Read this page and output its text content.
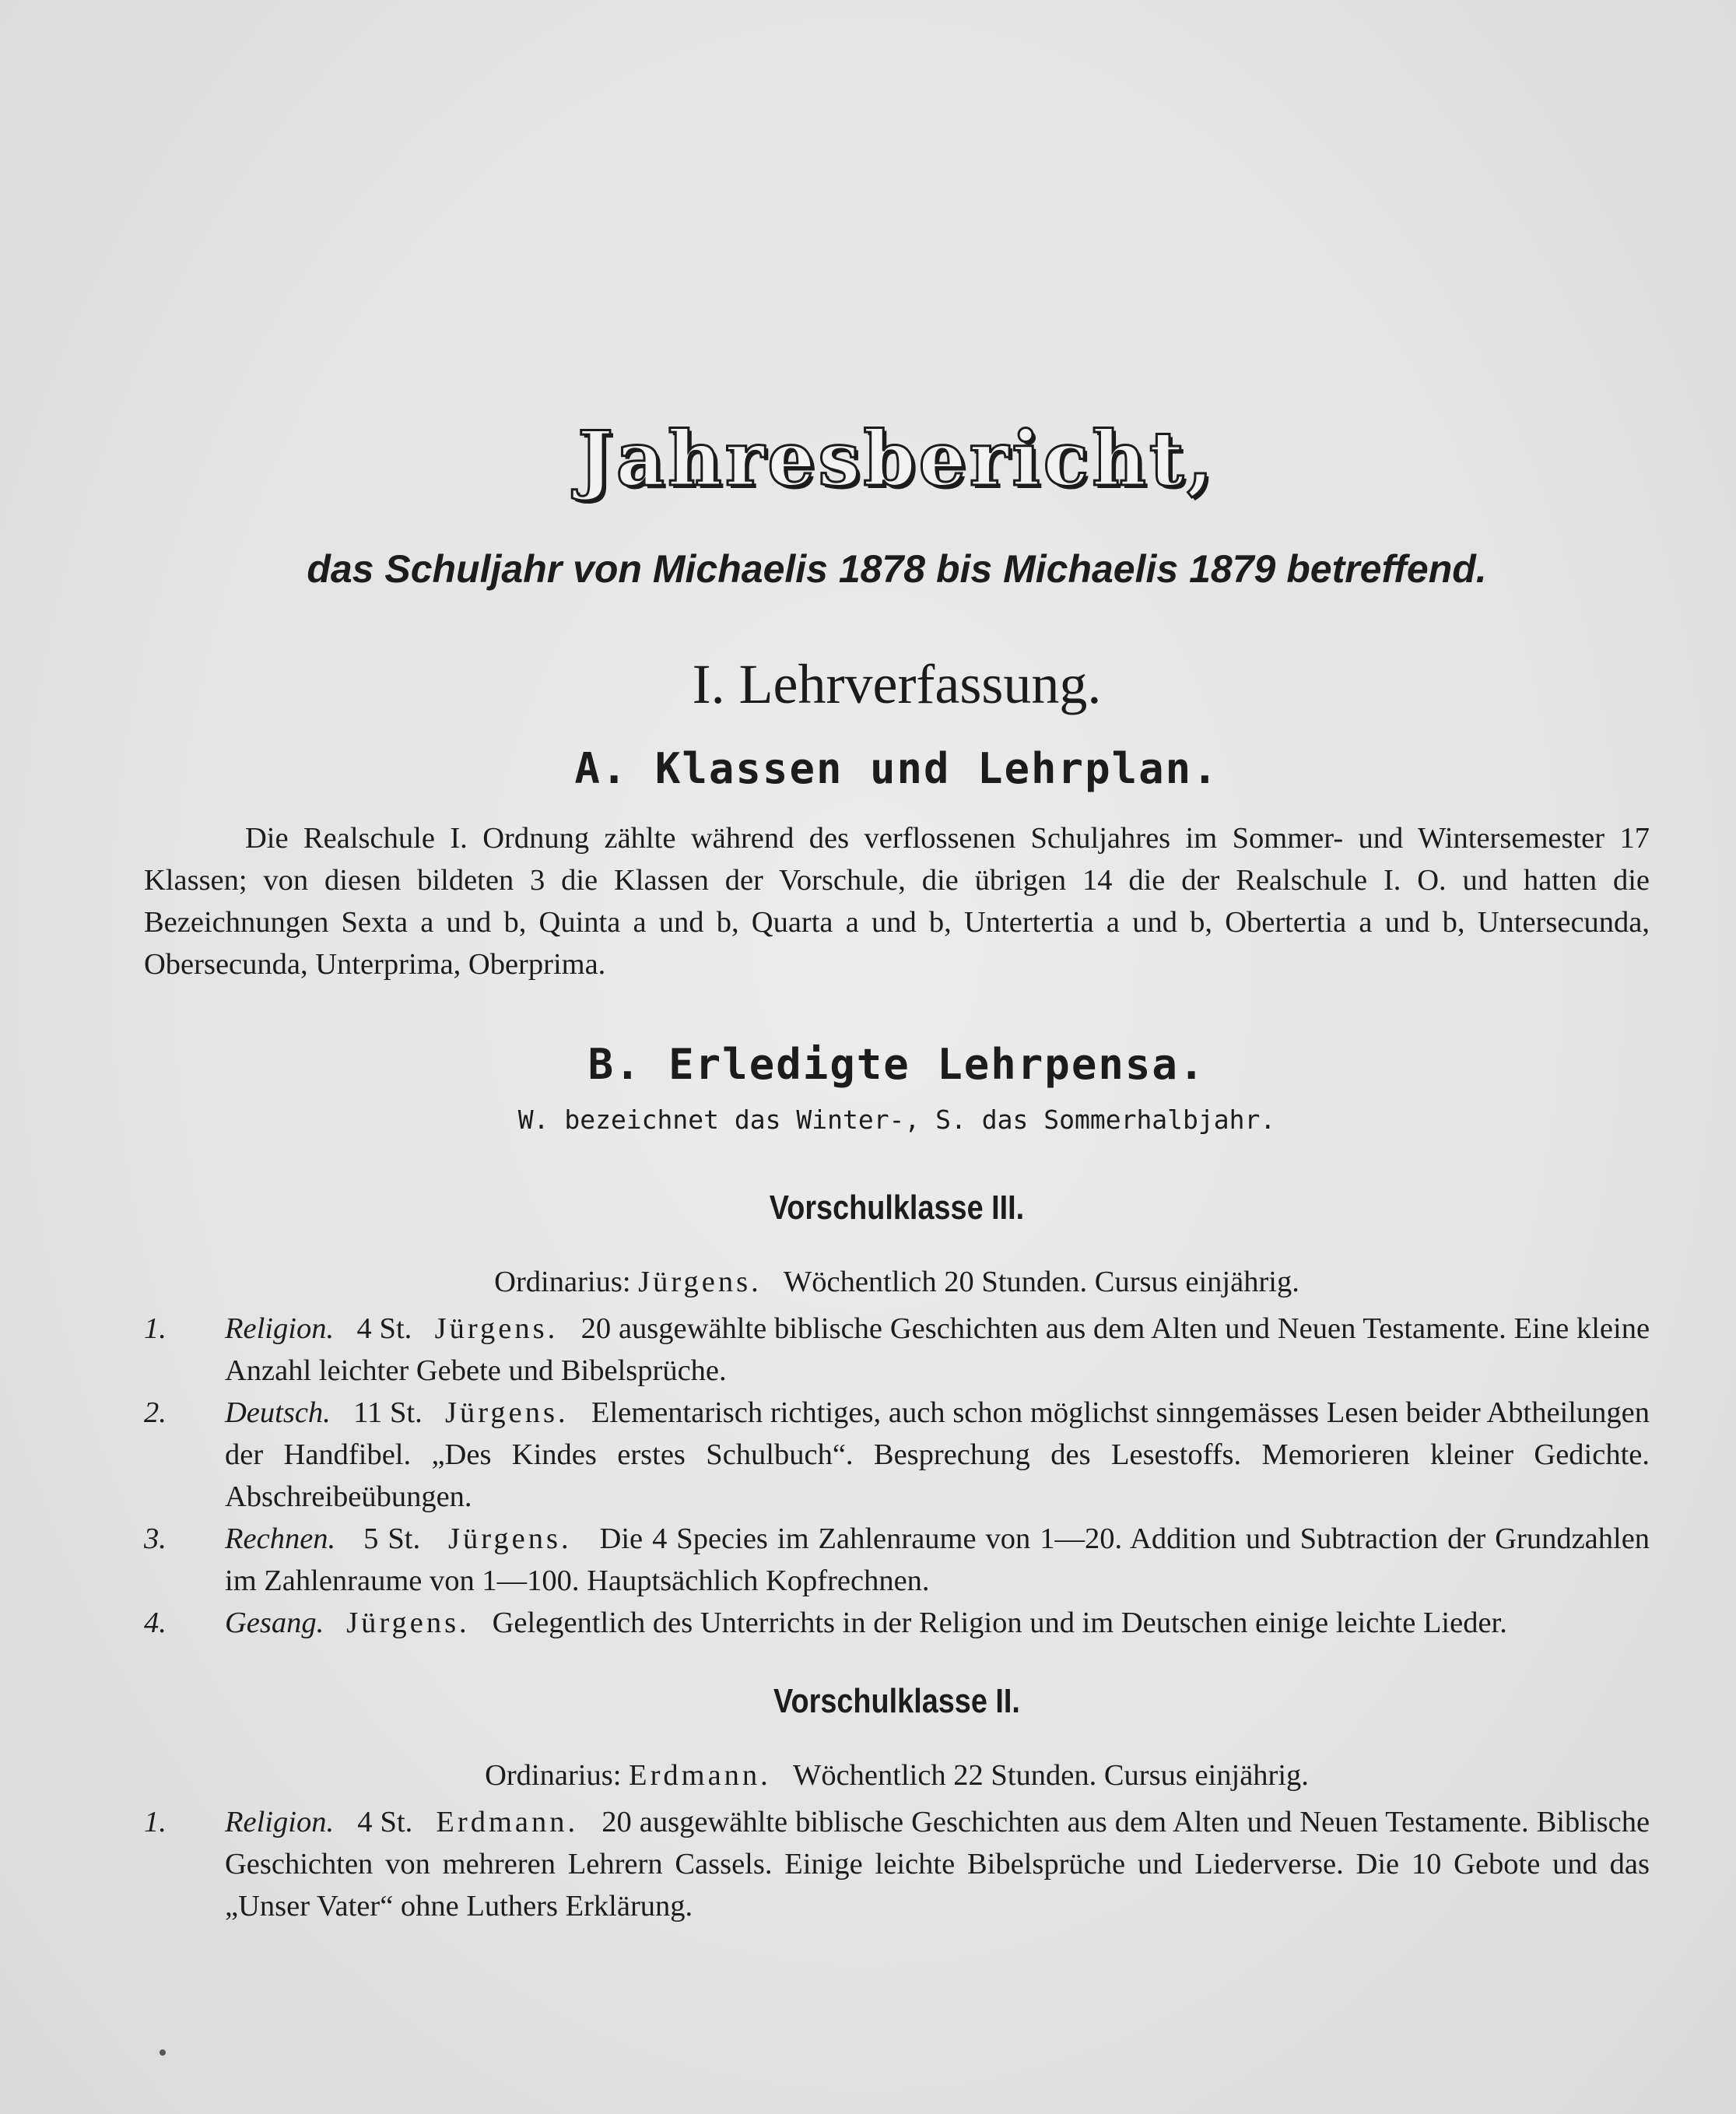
Jahresbericht,
das Schuljahr von Michaelis 1878 bis Michaelis 1879 betreffend.
I. Lehrverfassung.
A. Klassen und Lehrplan.
Die Realschule I. Ordnung zählte während des verflossenen Schuljahres im Sommer- und Wintersemester 17 Klassen; von diesen bildeten 3 die Klassen der Vorschule, die übrigen 14 die der Realschule I. O. und hatten die Bezeichnungen Sexta a und b, Quinta a und b, Quarta a und b, Untertertia a und b, Obertertia a und b, Untersecunda, Obersecunda, Unterprima, Oberprima.
B. Erledigte Lehrpensa.
W. bezeichnet das Winter-, S. das Sommerhalbjahr.
Vorschulklasse III.
Ordinarius: Jürgens. Wöchentlich 20 Stunden. Cursus einjährig.
1. Religion. 4 St. Jürgens. 20 ausgewählte biblische Geschichten aus dem Alten und Neuen Testamente. Eine kleine Anzahl leichter Gebete und Bibelsprüche.
2. Deutsch. 11 St. Jürgens. Elementarisch richtiges, auch schon möglichst sinngemässes Lesen beider Abtheilungen der Handfibel. „Des Kindes erstes Schulbuch“. Besprechung des Lesestoffs. Memorieren kleiner Gedichte. Abschreibeübungen.
3. Rechnen. 5 St. Jürgens. Die 4 Species im Zahlenraume von 1—20. Addition und Subtraction der Grundzahlen im Zahlenraume von 1—100. Hauptsächlich Kopfrechnen.
4. Gesang. Jürgens. Gelegentlich des Unterrichts in der Religion und im Deutschen einige leichte Lieder.
Vorschulklasse II.
Ordinarius: Erdmann. Wöchentlich 22 Stunden. Cursus einjährig.
1. Religion. 4 St. Erdmann. 20 ausgewählte biblische Geschichten aus dem Alten und Neuen Testamente. Biblische Geschichten von mehreren Lehrern Cassels. Einige leichte Bibelsprüche und Liederverse. Die 10 Gebote und das „Unser Vater“ ohne Luthers Erklärung.
